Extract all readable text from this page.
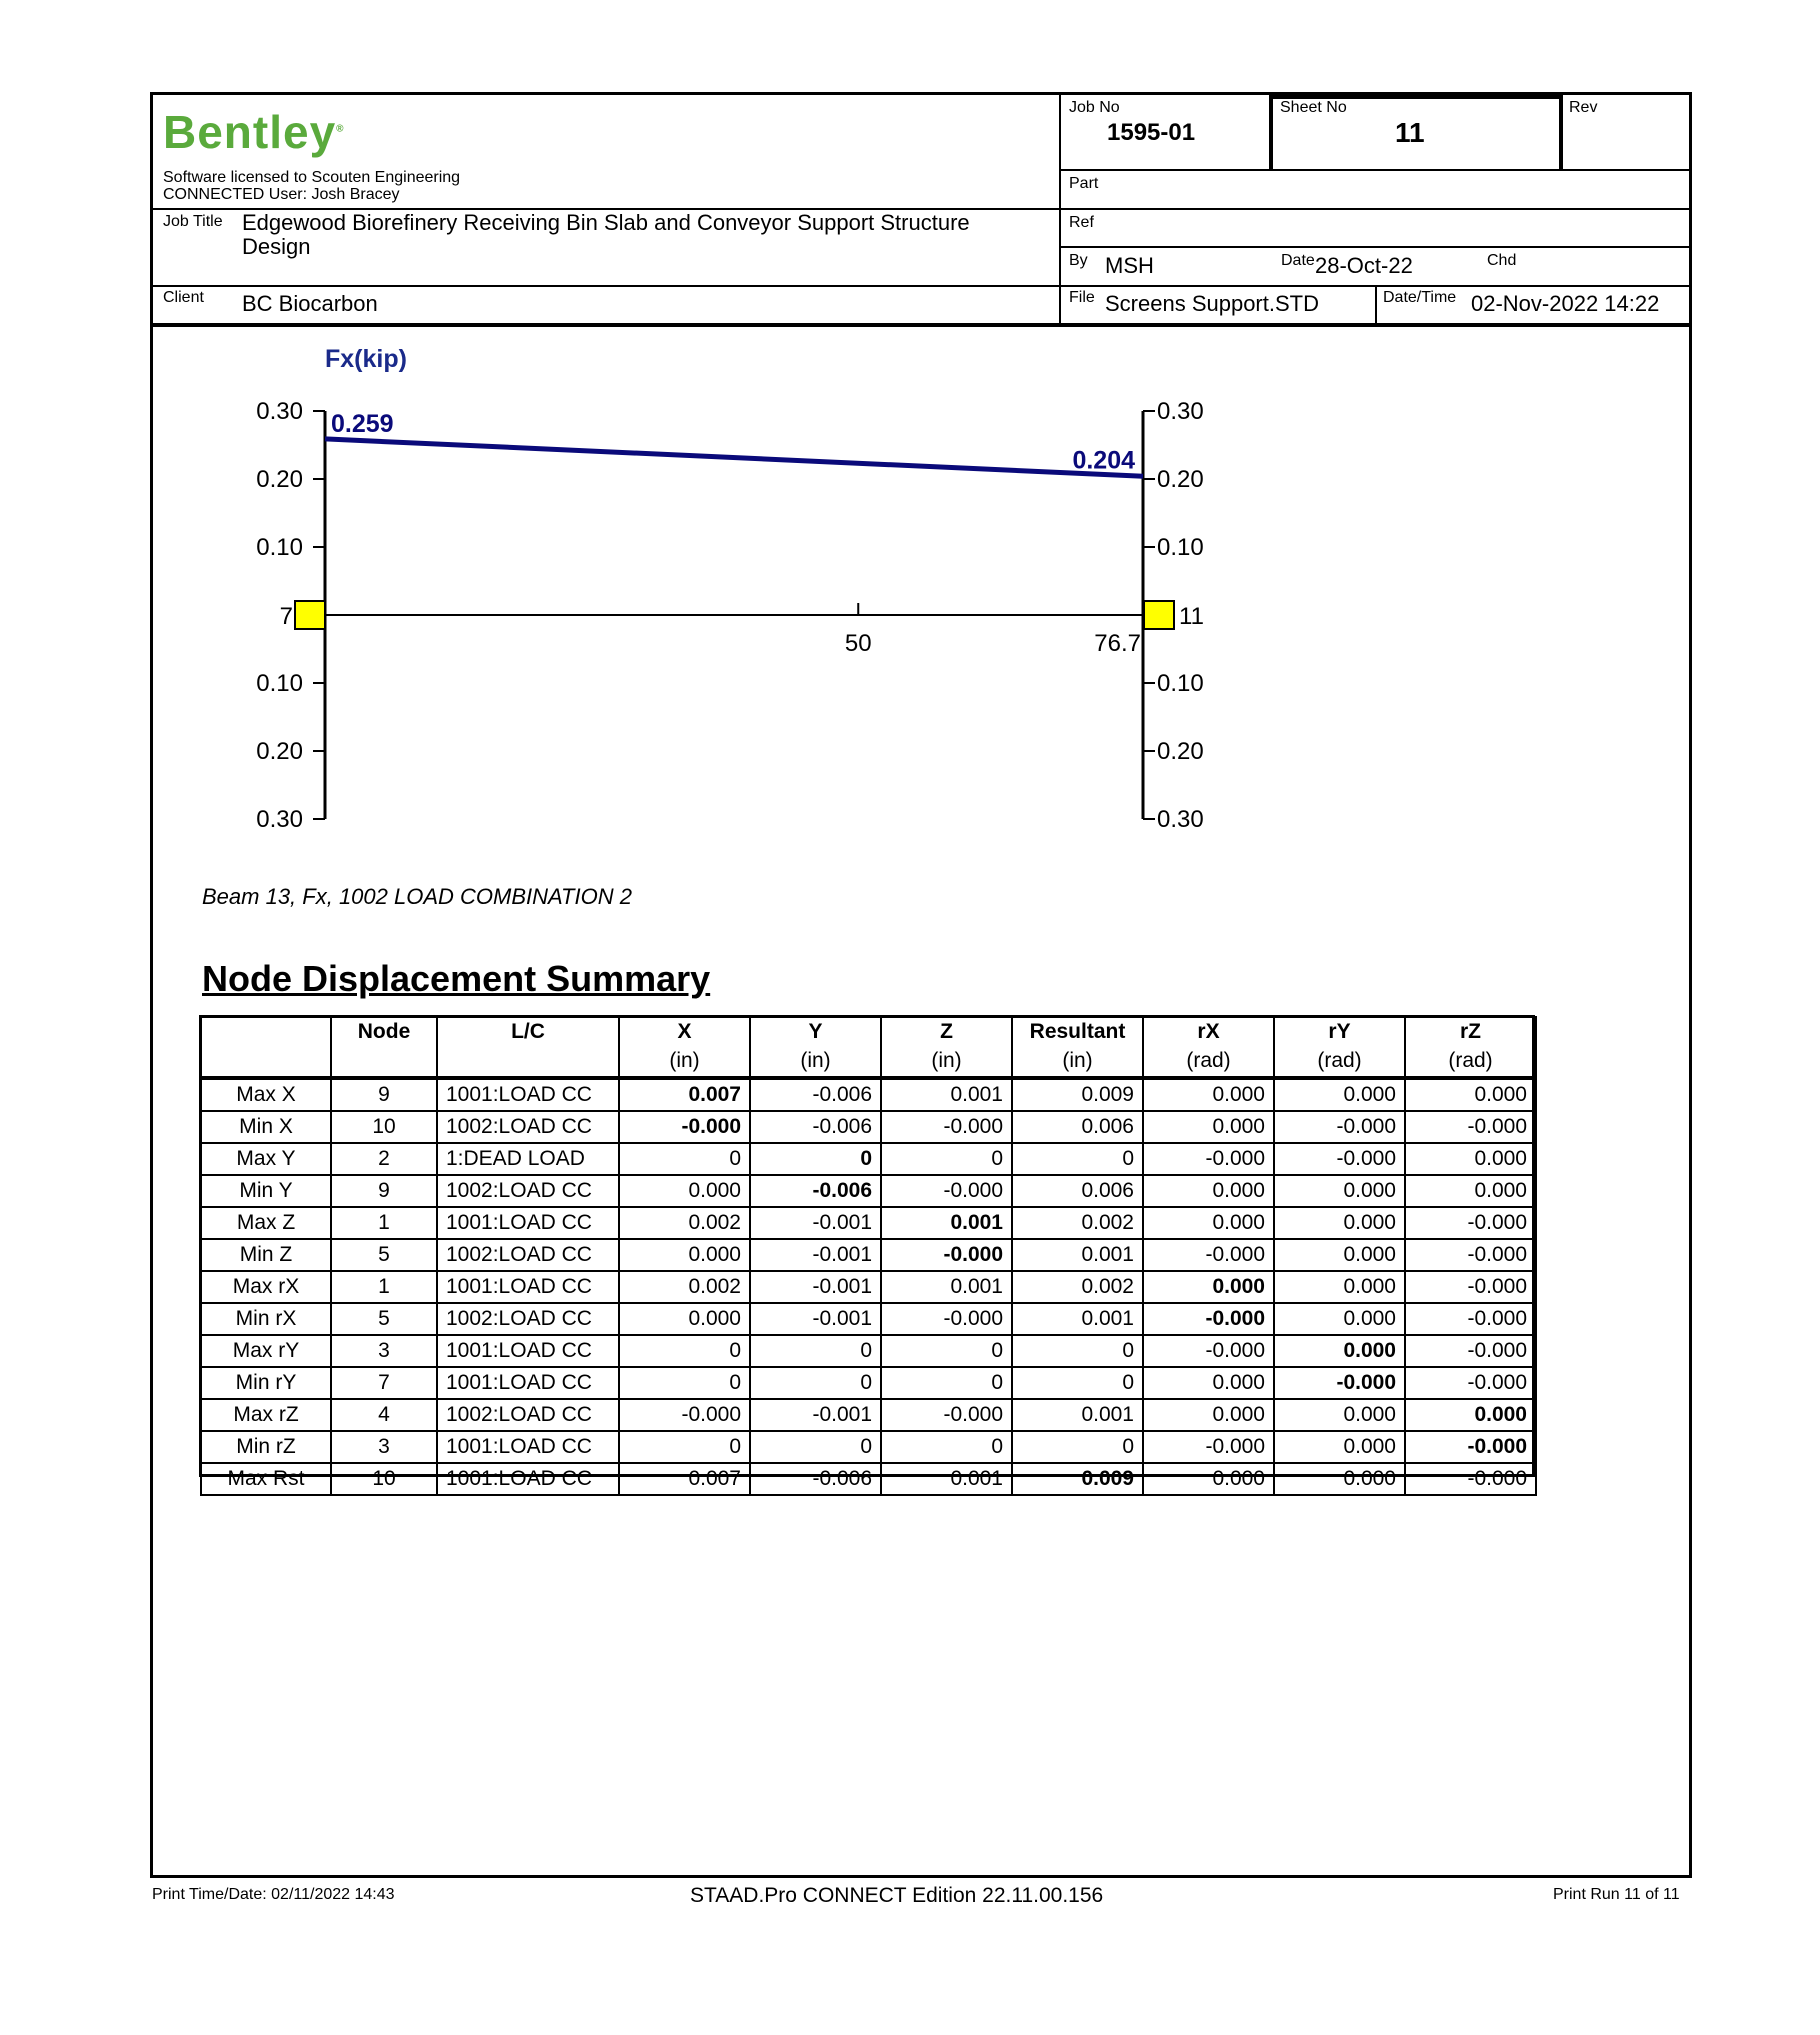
Bentley®
Software licensed to Scouten Engineering
CONNECTED User: Josh Bracey
Job No
1595-01
Sheet No
11
Rev
Part
Ref
Job Title Edgewood Biorefinery Receiving Bin Slab and Conveyor Support Structure Design
By MSH	Date 28-Oct-22	Chd
Client BC Biocarbon	File Screens Support.STD	Date/Time 02-Nov-2022 14:22
0.30	0.30
0.20	0.20
0.10	0.10
0.10	0.10
0.20	0.20
0.30	0.30
50	76.7
Fx(kip)
0.259
0.204
7	11
Beam 13, Fx, 1002 LOAD COMBINATION 2
Node Displacement Summary
	Node	L/C	X	Y	Z	Resultant	rX	rY	rZ
			(in)	(in)	(in)	(in)	(rad)	(rad)	(rad)
Max X	9	1001:LOAD CC	0.007	-0.006	0.001	0.009	0.000	0.000	0.000
Min X	10	1002:LOAD CC	-0.000	-0.006	-0.000	0.006	0.000	-0.000	-0.000
Max Y	2	1:DEAD LOAD	0	0	0	0	-0.000	-0.000	0.000
Min Y	9	1002:LOAD CC	0.000	-0.006	-0.000	0.006	0.000	0.000	0.000
Max Z	1	1001:LOAD CC	0.002	-0.001	0.001	0.002	0.000	0.000	-0.000
Min Z	5	1002:LOAD CC	0.000	-0.001	-0.000	0.001	-0.000	0.000	-0.000
Max rX	1	1001:LOAD CC	0.002	-0.001	0.001	0.002	0.000	0.000	-0.000
Min rX	5	1002:LOAD CC	0.000	-0.001	-0.000	0.001	-0.000	0.000	-0.000
Max rY	3	1001:LOAD CC	0	0	0	0	-0.000	0.000	-0.000
Min rY	7	1001:LOAD CC	0	0	0	0	0.000	-0.000	-0.000
Max rZ	4	1002:LOAD CC	-0.000	-0.001	-0.000	0.001	0.000	0.000	0.000
Min rZ	3	1001:LOAD CC	0	0	0	0	-0.000	0.000	-0.000
Max Rst	10	1001:LOAD CC	0.007	-0.006	0.001	0.009	0.000	0.000	-0.000
Print Time/Date: 02/11/2022 14:43	STAAD.Pro CONNECT Edition 22.11.00.156	Print Run 11 of 11
